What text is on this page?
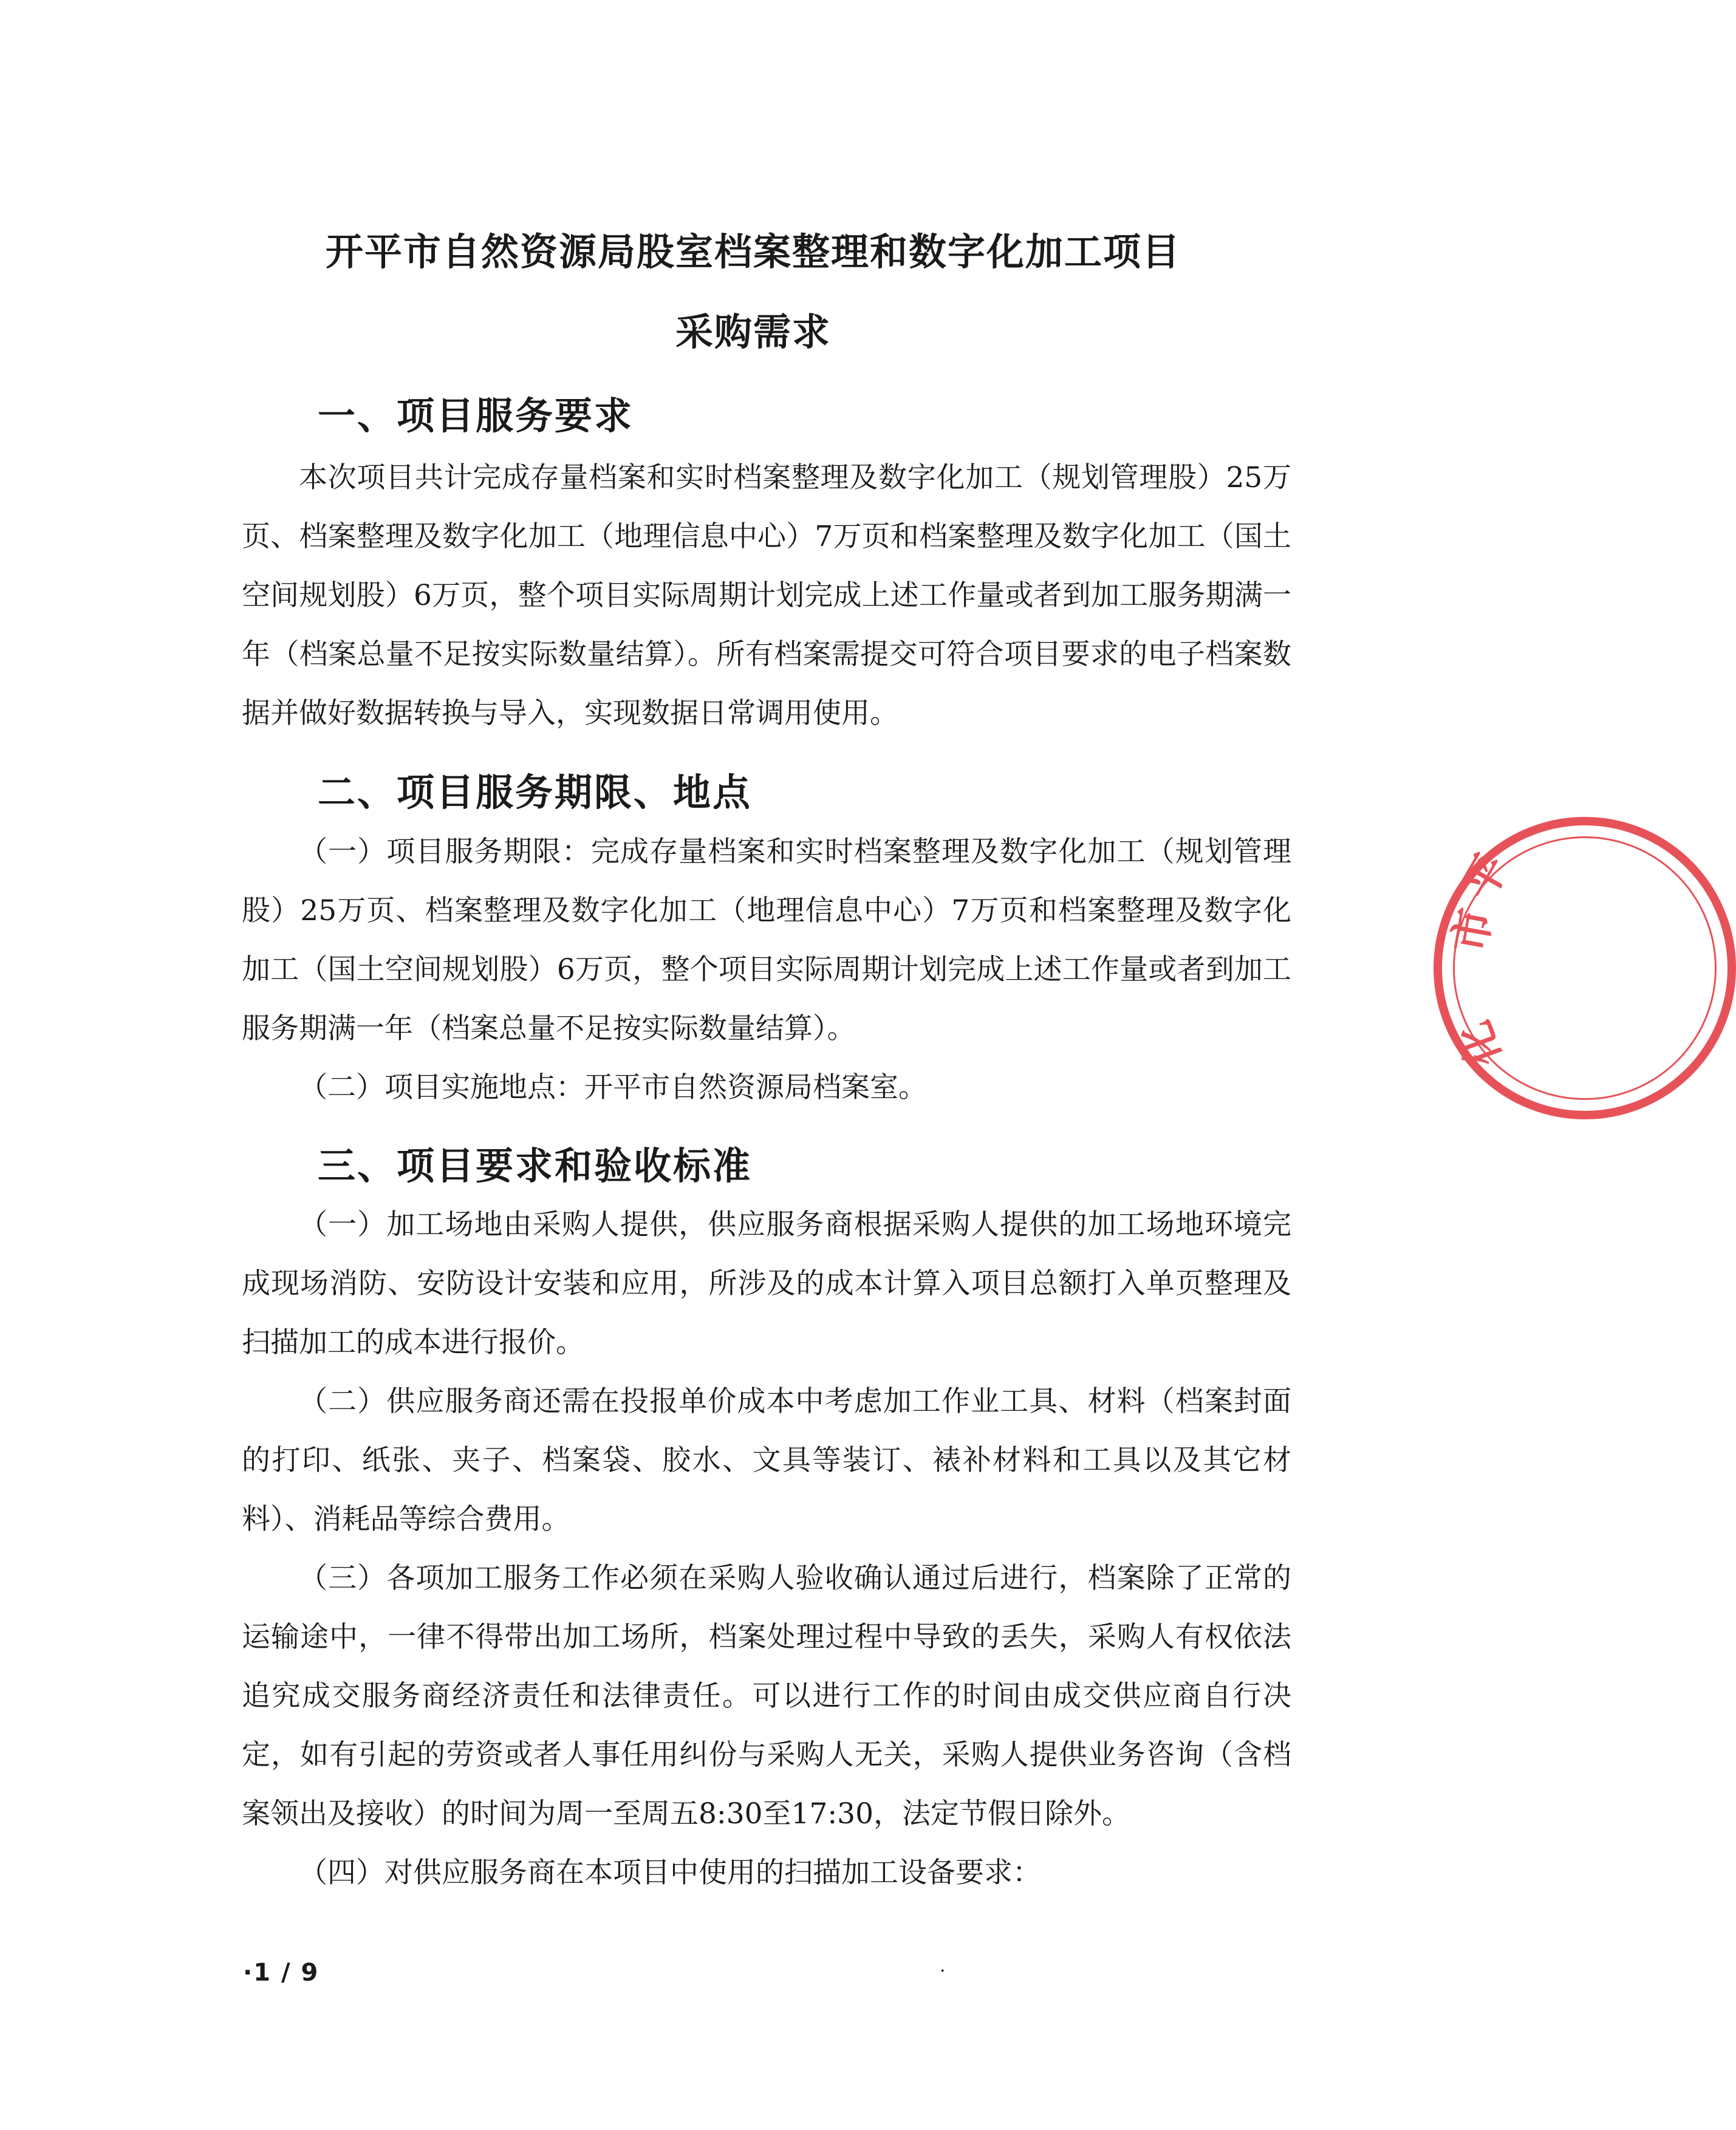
开平市自然资源局股室档案整理和数字化加工项目
采购需求
一、项目服务要求

本次项目共计完成存量档案和实时档案整理及数字化加工（规划管理股）25万页、档案整理及数字化加工（地理信息中心）7万页和档案整理及数字化加工（国土空间规划股）6万页，整个项目实际周期计划完成上述工作量或者到加工服务期满一年（档案总量不足按实际数量结算）。所有档案需提交可符合项目要求的电子档案数据并做好数据转换与导入，实现数据日常调用使用。

二、项目服务期限、地点

（一）项目服务期限：完成存量档案和实时档案整理及数字化加工（规划管理股）25万页、档案整理及数字化加工（地理信息中心）7万页和档案整理及数字化加工（国土空间规划股）6万页，整个项目实际周期计划完成上述工作量或者到加工服务期满一年（档案总量不足按实际数量结算）。

（二）项目实施地点：开平市自然资源局档案室。

三、项目要求和验收标准

（一）加工场地由采购人提供，供应服务商根据采购人提供的加工场地环境完成现场消防、安防设计安装和应用，所涉及的成本计算入项目总额打入单页整理及扫描加工的成本进行报价。

（二）供应服务商还需在投报单价成本中考虑加工作业工具、材料（档案封面的打印、纸张、夹子、档案袋、胶水、文具等装订、裱补材料和工具以及其它材料）、消耗品等综合费用。

（三）各项加工服务工作必须在采购人验收确认通过后进行，档案除了正常的运输途中，一律不得带出加工场所，档案处理过程中导致的丢失，采购人有权依法追究成交服务商经济责任和法律责任。可以进行工作的时间由成交供应商自行决定，如有引起的劳资或者人事任用纠份与采购人无关，采购人提供业务咨询（含档案领出及接收）的时间为周一至周五8:30至17:30，法定节假日除外。

（四）对供应服务商在本项目中使用的扫描加工设备要求：

·1 / 9	·
平
市
化
